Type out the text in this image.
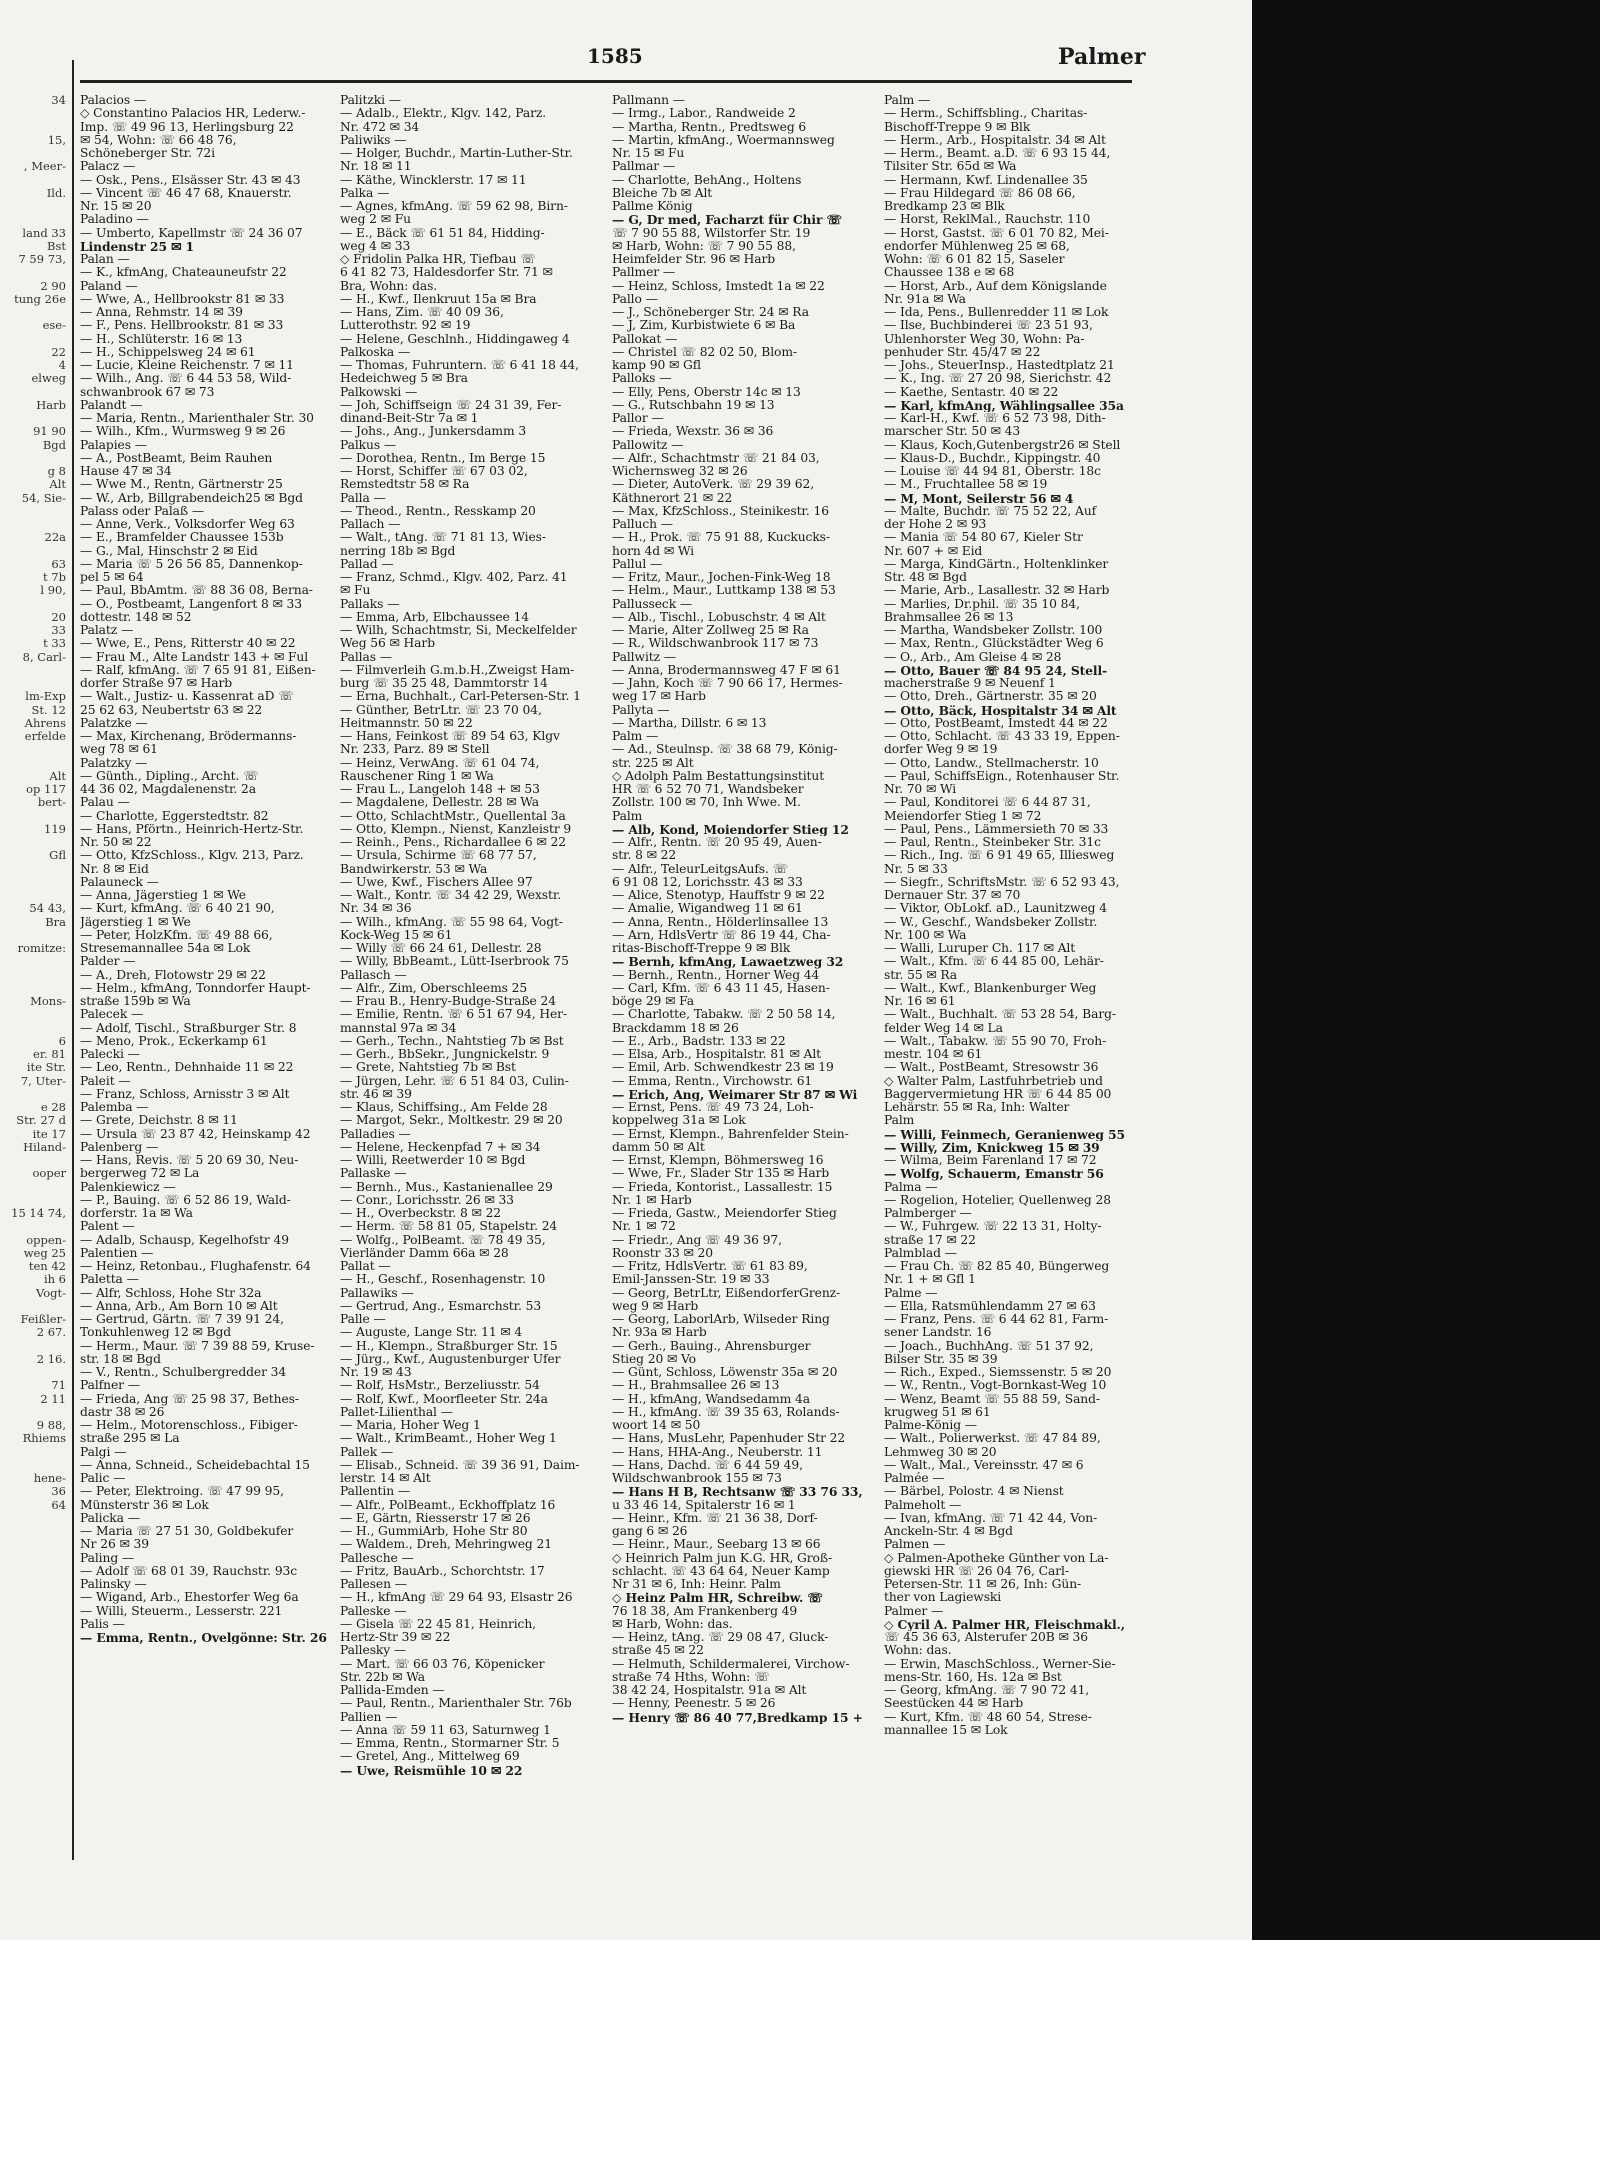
34

15,

, Meer-

Ild.

land 33
Bst
7 59 73,

2 90
tung 26e

ese-

22
4
elweg

Harb

91 90
Bgd

g 8
Alt
54, Sie-

22a

63
t 7b
l 90,

20
33
t 33
8, Carl-

lm-Exp
St. 12
Ahrens
erfelde

Alt
op 117
bert-

119

Gfl

54 43,
Bra

romitze:

Mons-

6
er. 81
ite Str.
7, Uter-

e 28
Str. 27 d
ite 17
Hiland-

ooper

15 14 74,

oppen-
weg 25
ten 42
ih 6
Vogt-

Feißler-
2 67.

2 16.

71
2 11

9 88,
Rhiems

hene-
36
64
1585	Palmer
Palacios —
◇ Constantino Palacios HR, Lederw.-
Imp. ☏ 49 96 13, Herlingsburg 22
✉ 54, Wohn: ☏ 66 48 76,
Schöneberger Str. 72i
Palacz —
— Osk., Pens., Elsässer Str. 43 ✉ 43
— Vincent ☏ 46 47 68, Knauerstr.
Nr. 15 ✉ 20
Paladino —
— Umberto, Kapellmstr ☏ 24 36 07
Lindenstr 25 ✉ 1
Palan —
— K., kfmAng, Chateauneufstr 22
Paland —
— Wwe, A., Hellbrookstr 81 ✉ 33
— Anna, Rehmstr. 14 ✉ 39
— F., Pens. Hellbrookstr. 81 ✉ 33
— H., Schlüterstr. 16 ✉ 13
— H., Schippelsweg 24 ✉ 61
— Lucie, Kleine Reichenstr. 7 ✉ 11
— Wilh., Ang. ☏ 6 44 53 58, Wild-
schwanbrook 67 ✉ 73
Palandt —
— Maria, Rentn., Marienthaler Str. 30
— Wilh., Kfm., Wurmsweg 9 ✉ 26
Palapies —
— A., PostBeamt, Beim Rauhen
Hause 47 ✉ 34
— Wwe M., Rentn, Gärtnerstr 25
— W., Arb, Billgrabendeich25 ✉ Bgd
Palass oder Palaß —
— Anne, Verk., Volksdorfer Weg 63
— E., Bramfelder Chaussee 153b
— G., Mal, Hinschstr 2 ✉ Eid
— Maria ☏ 5 26 56 85, Dannenkop-
pel 5 ✉ 64
— Paul, BbAmtm. ☏ 88 36 08, Berna-
— O., Postbeamt, Langenfort 8 ✉ 33
dottestr. 148 ✉ 52
Palatz —
— Wwe, E., Pens, Ritterstr 40 ✉ 22
— Frau M., Alte Landstr 143 + ✉ Ful
— Ralf, kfmAng. ☏ 7 65 91 81, Eißen-
dorfer Straße 97 ✉ Harb
— Walt., Justiz- u. Kassenrat aD ☏
25 62 63, Neubertstr 63 ✉ 22
Palatzke —
— Max, Kirchenang, Brödermanns-
weg 78 ✉ 61
Palatzky —
— Günth., Dipling., Archt. ☏
44 36 02, Magdalenenstr. 2a
Palau —
— Charlotte, Eggerstedtstr. 82
— Hans, Pförtn., Heinrich-Hertz-Str.
Nr. 50 ✉ 22
— Otto, KfzSchloss., Klgv. 213, Parz.
Nr. 8 ✉ Eid
Palauneck —
— Anna, Jägerstieg 1 ✉ We
— Kurt, kfmAng. ☏ 6 40 21 90,
Jägerstieg 1 ✉ We
— Peter, HolzKfm. ☏ 49 88 66,
Stresemannallee 54a ✉ Lok
Palder —
— A., Dreh, Flotowstr 29 ✉ 22
— Helm., kfmAng, Tonndorfer Haupt-
straße 159b ✉ Wa
Palecek —
— Adolf, Tischl., Straßburger Str. 8
— Meno, Prok., Eckerkamp 61
Palecki —
— Leo, Rentn., Dehnhaide 11 ✉ 22
Paleit —
— Franz, Schloss, Arnisstr 3 ✉ Alt
Palemba —
— Grete, Deichstr. 8 ✉ 11
— Ursula ☏ 23 87 42, Heinskamp 42
Palenberg —
— Hans, Revis. ☏ 5 20 69 30, Neu-
bergerweg 72 ✉ La
Palenkiewicz —
— P., Bauing. ☏ 6 52 86 19, Wald-
dorferstr. 1a ✉ Wa
Palent —
— Adalb, Schausp, Kegelhofstr 49
Palentien —
— Heinz, Retonbau., Flughafenstr. 64
Paletta —
— Alfr, Schloss, Hohe Str 32a
— Anna, Arb., Am Born 10 ✉ Alt
— Gertrud, Gärtn. ☏ 7 39 91 24,
Tonkuhlenweg 12 ✉ Bgd
— Herm., Maur. ☏ 7 39 88 59, Kruse-
str. 18 ✉ Bgd
— V., Rentn., Schulbergredder 34
Palfner —
— Frieda, Ang ☏ 25 98 37, Bethes-
dastr 38 ✉ 26
— Helm., Motorenschloss., Fibiger-
straße 295 ✉ La
Palgi —
— Anna, Schneid., Scheidebachtal 15
Palic —
— Peter, Elektroing. ☏ 47 99 95,
Münsterstr 36 ✉ Lok
Palicka —
— Maria ☏ 27 51 30, Goldbekufer
Nr 26 ✉ 39
Paling —
— Adolf ☏ 68 01 39, Rauchstr. 93c
Palinsky —
— Wigand, Arb., Ehestorfer Weg 6a
— Willi, Steuerm., Lesserstr. 221
Palis —
— Emma, Rentn., Ovelgönne: Str. 26
Palitzki —
— Adalb., Elektr., Klgv. 142, Parz.
Nr. 472 ✉ 34
Paliwiks —
— Holger, Buchdr., Martin-Luther-Str.
Nr. 18 ✉ 11
— Käthe, Wincklerstr. 17 ✉ 11
Palka —
— Agnes, kfmAng. ☏ 59 62 98, Birn-
weg 2 ✉ Fu
— E., Bäck ☏ 61 51 84, Hidding-
weg 4 ✉ 33
◇ Fridolin Palka HR, Tiefbau ☏
6 41 82 73, Haldesdorfer Str. 71 ✉
Bra, Wohn: das.
— H., Kwf., Ilenkruut 15a ✉ Bra
— Hans, Zim. ☏ 40 09 36,
Lutterothstr. 92 ✉ 19
— Helene, Geschlnh., Hiddingaweg 4
Palkoska —
— Thomas, Fuhruntern. ☏ 6 41 18 44,
Hedeichweg 5 ✉ Bra
Palkowski —
— Joh, Schiffseign ☏ 24 31 39, Fer-
dinand-Beit-Str 7a ✉ 1
— Johs., Ang., Junkersdamm 3
Palkus —
— Dorothea, Rentn., Im Berge 15
— Horst, Schiffer ☏ 67 03 02,
Remstedtstr 58 ✉ Ra
Palla —
— Theod., Rentn., Resskamp 20
Pallach —
— Walt., tAng. ☏ 71 81 13, Wies-
nerring 18b ✉ Bgd
Pallad —
— Franz, Schmd., Klgv. 402, Parz. 41
✉ Fu
Pallaks —
— Emma, Arb, Elbchaussee 14
— Wilh, Schachtmstr, Si, Meckelfelder
Weg 56 ✉ Harb
Pallas —
— Filmverleih G.m.b.H.,Zweigst Ham-
burg ☏ 35 25 48, Dammtorstr 14
— Erna, Buchhalt., Carl-Petersen-Str. 1
— Günther, BetrLtr. ☏ 23 70 04,
Heitmannstr. 50 ✉ 22
— Hans, Feinkost ☏ 89 54 63, Klgv
Nr. 233, Parz. 89 ✉ Stell
— Heinz, VerwAng. ☏ 61 04 74,
Rauschener Ring 1 ✉ Wa
— Frau L., Langeloh 148 + ✉ 53
— Magdalene, Dellestr. 28 ✉ Wa
— Otto, SchlachtMstr., Quellental 3a
— Otto, Klempn., Nienst, Kanzleistr 9
— Reinh., Pens., Richardallee 6 ✉ 22
— Ursula, Schirme ☏ 68 77 57,
Bandwirkerstr. 53 ✉ Wa
— Uwe, Kwf., Fischers Allee 97
— Walt., Kontr. ☏ 34 42 29, Wexstr.
Nr. 34 ✉ 36
— Wilh., kfmAng. ☏ 55 98 64, Vogt-
Kock-Weg 15 ✉ 61
— Willy ☏ 66 24 61, Dellestr. 28
— Willy, BbBeamt., Lütt-Iserbrook 75
Pallasch —
— Alfr., Zim, Oberschleems 25
— Frau B., Henry-Budge-Straße 24
— Emilie, Rentn. ☏ 6 51 67 94, Her-
mannstal 97a ✉ 34
— Gerh., Techn., Nahtstieg 7b ✉ Bst
— Gerh., BbSekr., Jungnickelstr. 9
— Grete, Nahtstieg 7b ✉ Bst
— Jürgen, Lehr. ☏ 6 51 84 03, Culin-
str. 46 ✉ 39
— Klaus, Schiffsing., Am Felde 28
— Margot, Sekr., Moltkestr. 29 ✉ 20
Palladies —
— Helene, Heckenpfad 7 + ✉ 34
— Willi, Reetwerder 10 ✉ Bgd
Pallaske —
— Bernh., Mus., Kastanienallee 29
— Conr., Lorichsstr. 26 ✉ 33
— H., Overbeckstr. 8 ✉ 22
— Herm. ☏ 58 81 05, Stapelstr. 24
— Wolfg., PolBeamt. ☏ 78 49 35,
Vierländer Damm 66a ✉ 28
Pallat —
— H., Geschf., Rosenhagenstr. 10
Pallawiks —
— Gertrud, Ang., Esmarchstr. 53
Palle —
— Auguste, Lange Str. 11 ✉ 4
— H., Klempn., Straßburger Str. 15
— Jürg., Kwf., Augustenburger Ufer
Nr. 19 ✉ 43
— Rolf, HsMstr., Berzeliusstr. 54
— Rolf, Kwf., Moorfleeter Str. 24a
Pallet-Lilienthal —
— Maria, Hoher Weg 1
— Walt., KrimBeamt., Hoher Weg 1
Pallek —
— Elisab., Schneid. ☏ 39 36 91, Daim-
lerstr. 14 ✉ Alt
Pallentin —
— Alfr., PolBeamt., Eckhoffplatz 16
— E, Gärtn, Riesserstr 17 ✉ 26
— H., GummiArb, Hohe Str 80
— Waldem., Dreh, Mehringweg 21
Pallesche —
— Fritz, BauArb., Schorchtstr. 17
Pallesen —
— H., kfmAng ☏ 29 64 93, Elsastr 26
Palleske —
— Gisela ☏ 22 45 81, Heinrich,
Hertz-Str 39 ✉ 22
Pallesky —
— Mart. ☏ 66 03 76, Köpenicker
Str. 22b ✉ Wa
Pallida-Emden —
— Paul, Rentn., Marienthaler Str. 76b
Pallien —
— Anna ☏ 59 11 63, Saturnweg 1
— Emma, Rentn., Stormarner Str. 5
— Gretel, Ang., Mittelweg 69
— Uwe, Reismühle 10 ✉ 22
Pallmann —
— Irmg., Labor., Randweide 2
— Martha, Rentn., Predtsweg 6
— Martin, kfmAng., Woermannsweg
Nr. 15 ✉ Fu
Pallmar —
— Charlotte, BehAng., Holtens
Bleiche 7b ✉ Alt
Pallme König
— G, Dr med, Facharzt für Chir ☏
☏ 7 90 55 88, Wilstorfer Str. 19
✉ Harb, Wohn: ☏ 7 90 55 88,
Heimfelder Str. 96 ✉ Harb
Pallmer —
— Heinz, Schloss, Imstedt 1a ✉ 22
Pallo —
— J., Schöneberger Str. 24 ✉ Ra
— J, Zim, Kurbistwiete 6 ✉ Ba
Pallokat —
— Christel ☏ 82 02 50, Blom-
kamp 90 ✉ Gfl
Palloks —
— Elly, Pens, Oberstr 14c ✉ 13
— G., Rutschbahn 19 ✉ 13
Pallor —
— Frieda, Wexstr. 36 ✉ 36
Pallowitz —
— Alfr., Schachtmstr ☏ 21 84 03,
Wichernsweg 32 ✉ 26
— Dieter, AutoVerk. ☏ 29 39 62,
Käthnerort 21 ✉ 22
— Max, KfzSchloss., Steinikestr. 16
Palluch —
— H., Prok. ☏ 75 91 88, Kuckucks-
horn 4d ✉ Wi
Pallul —
— Fritz, Maur., Jochen-Fink-Weg 18
— Helm., Maur., Luttkamp 138 ✉ 53
Pallusseck —
— Alb., Tischl., Lobuschstr. 4 ✉ Alt
— Marie, Alter Zollweg 25 ✉ Ra
— R., Wildschwanbrook 117 ✉ 73
Pallwitz —
— Anna, Brodermannsweg 47 F ✉ 61
— Jahn, Koch ☏ 7 90 66 17, Hermes-
weg 17 ✉ Harb
Pallyta —
— Martha, Dillstr. 6 ✉ 13
Palm —
— Ad., Steulnsp. ☏ 38 68 79, König-
str. 225 ✉ Alt
◇ Adolph Palm Bestattungsinstitut
HR ☏ 6 52 70 71, Wandsbeker
Zollstr. 100 ✉ 70, Inh Wwe. M.
Palm
— Alb, Kond, Moiendorfer Stieg 12
— Alfr., Rentn. ☏ 20 95 49, Auen-
str. 8 ✉ 22
— Alfr., TeleurLeitgsAufs. ☏
6 91 08 12, Lorichsstr. 43 ✉ 33
— Alice, Stenotyp, Hauffstr 9 ✉ 22
— Amalie, Wigandweg 11 ✉ 61
— Anna, Rentn., Hölderlinsallee 13
— Arn, HdlsVertr ☏ 86 19 44, Cha-
ritas-Bischoff-Treppe 9 ✉ Blk
— Bernh, kfmAng, Lawaetzweg 32
— Bernh., Rentn., Horner Weg 44
— Carl, Kfm. ☏ 6 43 11 45, Hasen-
böge 29 ✉ Fa
— Charlotte, Tabakw. ☏ 2 50 58 14,
Brackdamm 18 ✉ 26
— E., Arb., Badstr. 133 ✉ 22
— Elsa, Arb., Hospitalstr. 81 ✉ Alt
— Emil, Arb. Schwendkestr 23 ✉ 19
— Emma, Rentn., Virchowstr. 61
— Erich, Ang, Weimarer Str 87 ✉ Wi
— Ernst, Pens. ☏ 49 73 24, Loh-
koppelweg 31a ✉ Lok
— Ernst, Klempn., Bahrenfelder Stein-
damm 50 ✉ Alt
— Ernst, Klempn, Böhmersweg 16
— Wwe, Fr., Slader Str 135 ✉ Harb
— Frieda, Kontorist., Lassallestr. 15
Nr. 1 ✉ Harb
— Frieda, Gastw., Meiendorfer Stieg
Nr. 1 ✉ 72
— Friedr., Ang ☏ 49 36 97,
Roonstr 33 ✉ 20
— Fritz, HdlsVertr. ☏ 61 83 89,
Emil-Janssen-Str. 19 ✉ 33
— Georg, BetrLtr, EißendorferGrenz-
weg 9 ✉ Harb
— Georg, LaborlArb, Wilseder Ring
Nr. 93a ✉ Harb
— Gerh., Bauing., Ahrensburger
Stieg 20 ✉ Vo
— Günt, Schloss, Löwenstr 35a ✉ 20
— H., Brahmsallee 26 ✉ 13
— H., kfmAng, Wandsedamm 4a
— H., kfmAng. ☏ 39 35 63, Rolands-
woort 14 ✉ 50
— Hans, MusLehr, Papenhuder Str 22
— Hans, HHA-Ang., Neuberstr. 11
— Hans, Dachd. ☏ 6 44 59 49,
Wildschwanbrook 155 ✉ 73
— Hans H B, Rechtsanw ☏ 33 76 33,
u 33 46 14, Spitalerstr 16 ✉ 1
— Heinr., Kfm. ☏ 21 36 38, Dorf-
gang 6 ✉ 26
— Heinr., Maur., Seebarg 13 ✉ 66
◇ Heinrich Palm jun K.G. HR, Groß-
schlacht. ☏ 43 64 64, Neuer Kamp
Nr 31 ✉ 6, Inh: Heinr. Palm
◇ Heinz Palm HR, Schreibw. ☏
76 18 38, Am Frankenberg 49
✉ Harb, Wohn: das.
— Heinz, tAng. ☏ 29 08 47, Gluck-
straße 45 ✉ 22
— Helmuth, Schildermalerei, Virchow-
straße 74 Hths, Wohn: ☏
38 42 24, Hospitalstr. 91a ✉ Alt
— Henny, Peenestr. 5 ✉ 26
— Henry ☏ 86 40 77,Bredkamp 15 +
Palm —
— Herm., Schiffsbling., Charitas-
Bischoff-Treppe 9 ✉ Blk
— Herm., Arb., Hospitalstr. 34 ✉ Alt
— Herm., Beamt. a.D. ☏ 6 93 15 44,
Tilsiter Str. 65d ✉ Wa
— Hermann, Kwf. Lindenallee 35
— Frau Hildegard ☏ 86 08 66,
Bredkamp 23 ✉ Blk
— Horst, ReklMal., Rauchstr. 110
— Horst, Gastst. ☏ 6 01 70 82, Mei-
endorfer Mühlenweg 25 ✉ 68,
Wohn: ☏ 6 01 82 15, Saseler
Chaussee 138 e ✉ 68
— Horst, Arb., Auf dem Königslande
Nr. 91a ✉ Wa
— Ida, Pens., Bullenredder 11 ✉ Lok
— Ilse, Buchbinderei ☏ 23 51 93,
Uhlenhorster Weg 30, Wohn: Pa-
penhuder Str. 45/47 ✉ 22
— Johs., SteuerInsp., Hastedtplatz 21
— K., Ing. ☏ 27 20 98, Sierichstr. 42
— Kaethe, Sentastr. 40 ✉ 22
— Karl, kfmAng, Wählingsallee 35a
— Karl-H., Kwf. ☏ 6 52 73 98, Dith-
marscher Str. 50 ✉ 43
— Klaus, Koch,Gutenbergstr26 ✉ Stell
— Klaus-D., Buchdr., Kippingstr. 40
— Louise ☏ 44 94 81, Oberstr. 18c
— M., Fruchtallee 58 ✉ 19
— M, Mont, Seilerstr 56 ✉ 4
— Malte, Buchdr. ☏ 75 52 22, Auf
der Hohe 2 ✉ 93
— Mania ☏ 54 80 67, Kieler Str
Nr. 607 + ✉ Eid
— Marga, KindGärtn., Holtenklinker
Str. 48 ✉ Bgd
— Marie, Arb., Lasallestr. 32 ✉ Harb
— Marlies, Dr.phil. ☏ 35 10 84,
Brahmsallee 26 ✉ 13
— Martha, Wandsbeker Zollstr. 100
— Max, Rentn., Glückstädter Weg 6
— O., Arb., Am Gleise 4 ✉ 28
— Otto, Bauer ☏ 84 95 24, Stell-
macherstraße 9 ✉ Neuenf 1
— Otto, Dreh., Gärtnerstr. 35 ✉ 20
— Otto, Bäck, Hospitalstr 34 ✉ Alt
— Otto, PostBeamt, Imstedt 44 ✉ 22
— Otto, Schlacht. ☏ 43 33 19, Eppen-
dorfer Weg 9 ✉ 19
— Otto, Landw., Stellmacherstr. 10
— Paul, SchiffsEign., Rotenhauser Str.
Nr. 70 ✉ Wi
— Paul, Konditorei ☏ 6 44 87 31,
Meiendorfer Stieg 1 ✉ 72
— Paul, Pens., Lämmersieth 70 ✉ 33
— Paul, Rentn., Steinbeker Str. 31c
— Rich., Ing. ☏ 6 91 49 65, Illiesweg
Nr. 5 ✉ 33
— Siegfr., SchriftsMstr. ☏ 6 52 93 43,
Dernauer Str. 37 ✉ 70
— Viktor, ObLokf. aD., Launitzweg 4
— W., Geschf., Wandsbeker Zollstr.
Nr. 100 ✉ Wa
— Walli, Luruper Ch. 117 ✉ Alt
— Walt., Kfm. ☏ 6 44 85 00, Lehär-
str. 55 ✉ Ra
— Walt., Kwf., Blankenburger Weg
Nr. 16 ✉ 61
— Walt., Buchhalt. ☏ 53 28 54, Barg-
felder Weg 14 ✉ La
— Walt., Tabakw. ☏ 55 90 70, Froh-
mestr. 104 ✉ 61
— Walt., PostBeamt, Stresowstr 36
◇ Walter Palm, Lastfuhrbetrieb und
Baggervermietung HR ☏ 6 44 85 00
Lehärstr. 55 ✉ Ra, Inh: Walter
Palm
— Willi, Feinmech, Geranienweg 55
— Willy, Zim, Knickweg 15 ✉ 39
— Wilma, Beim Farenland 17 ✉ 72
— Wolfg, Schauerm, Emanstr 56
Palma —
— Rogelion, Hotelier, Quellenweg 28
Palmberger —
— W., Fuhrgew. ☏ 22 13 31, Holty-
straße 17 ✉ 22
Palmblad —
— Frau Ch. ☏ 82 85 40, Büngerweg
Nr. 1 + ✉ Gfl 1
Palme —
— Ella, Ratsmühlendamm 27 ✉ 63
— Franz, Pens. ☏ 6 44 62 81, Farm-
sener Landstr. 16
— Joach., BuchhAng. ☏ 51 37 92,
Bilser Str. 35 ✉ 39
— Rich., Exped., Siemssenstr. 5 ✉ 20
— W., Rentn., Vogt-Bornkast-Weg 10
— Wenz, Beamt ☏ 55 88 59, Sand-
krugweg 51 ✉ 61
Palme-König —
— Walt., Polierwerkst. ☏ 47 84 89,
Lehmweg 30 ✉ 20
— Walt., Mal., Vereinsstr. 47 ✉ 6
Palmée —
— Bärbel, Polostr. 4 ✉ Nienst
Palmeholt —
— Ivan, kfmAng. ☏ 71 42 44, Von-
Anckeln-Str. 4 ✉ Bgd
Palmen —
◇ Palmen-Apotheke Günther von La-
giewski HR ☏ 26 04 76, Carl-
Petersen-Str. 11 ✉ 26, Inh: Gün-
ther von Lagiewski
Palmer —
◇ Cyril A. Palmer HR, Fleischmakl.,
☏ 45 36 63, Alsterufer 20B ✉ 36
Wohn: das.
— Erwin, MaschSchloss., Werner-Sie-
mens-Str. 160, Hs. 12a ✉ Bst
— Georg, kfmAng. ☏ 7 90 72 41,
Seestücken 44 ✉ Harb
— Kurt, Kfm. ☏ 48 60 54, Strese-
mannallee 15 ✉ Lok
